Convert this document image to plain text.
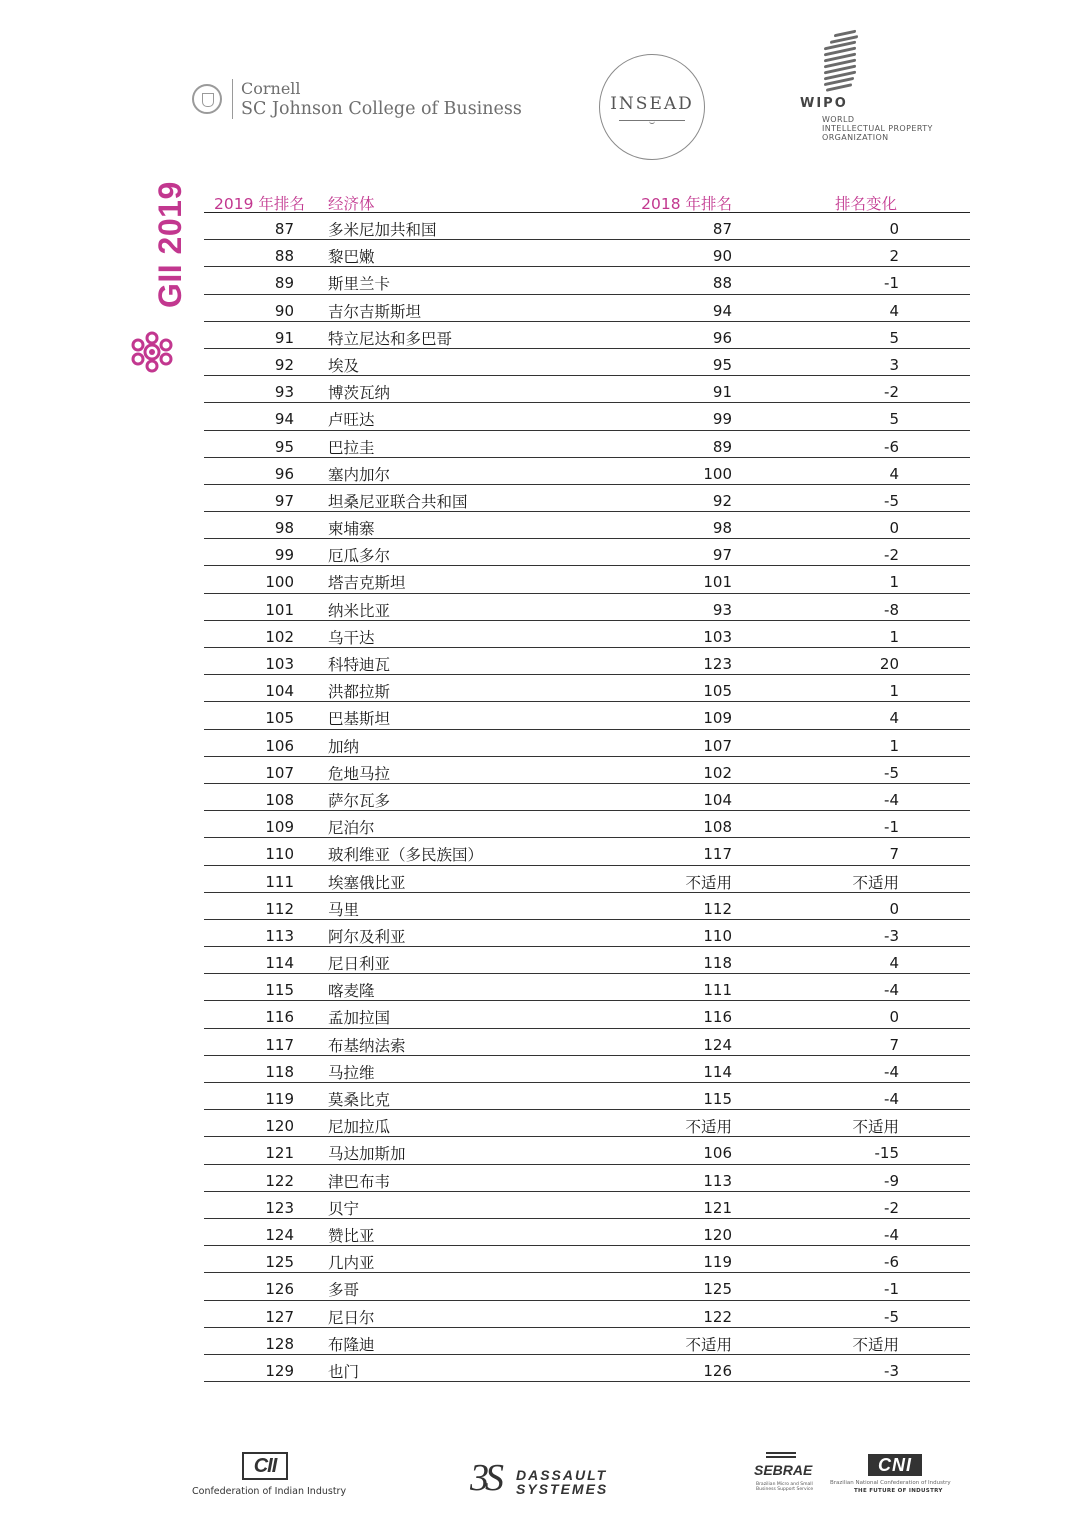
Cornell
SC Johnson College of Business	INSEAD	WIPO
WORLD
INTELLECTUAL PROPERTY
ORGANIZATION
GII 2019 2019 年排名 经济体	2018 年排名	排名变化
87 多米尼加共和国	87	0
88 黎巴嫩	90	2
89 斯里兰卡	88	-1
90 吉尔吉斯斯坦	94	4
91 特立尼达和多巴哥	96	5
92 埃及	95	3
93 博茨瓦纳	91	-2
94 卢旺达	99	5
95 巴拉圭	89	-6
96 塞内加尔	100	4
97 坦桑尼亚联合共和国	92	-5
98 柬埔寨	98	0
99 厄瓜多尔	97	-2
100 塔吉克斯坦	101	1
101 纳米比亚	93	-8
102 乌干达	103	1
103 科特迪瓦	123	20
104 洪都拉斯	105	1
105 巴基斯坦	109	4
106 加纳	107	1
107 危地马拉	102	-5
108 萨尔瓦多	104	-4
109 尼泊尔	108	-1
110 玻利维亚（多民族国）	117	7
111 埃塞俄比亚	不适用	不适用
112 马里	112	0
113 阿尔及利亚	110	-3
114 尼日利亚	118	4
115 喀麦隆	111	-4
116 孟加拉国	116	0
117 布基纳法索	124	7
118 马拉维	114	-4
119 莫桑比克	115	-4
120 尼加拉瓜	不适用	不适用
121 马达加斯加	106	-15
122 津巴布韦	113	-9
123 贝宁	121	-2
124 赞比亚	120	-4
125 几内亚	119	-6
126 多哥	125	-1
127 尼日尔	122	-5
128 布隆迪	不适用	不适用
129 也门	126	-3
CII
Confederation of Indian Industry	3S DASSAULT
SYSTEMES
SEBRAE
Brazilian Micro and Small
Business Support Service
CNI
Brazilian National Confederation of Industry
THE FUTURE OF INDUSTRY
